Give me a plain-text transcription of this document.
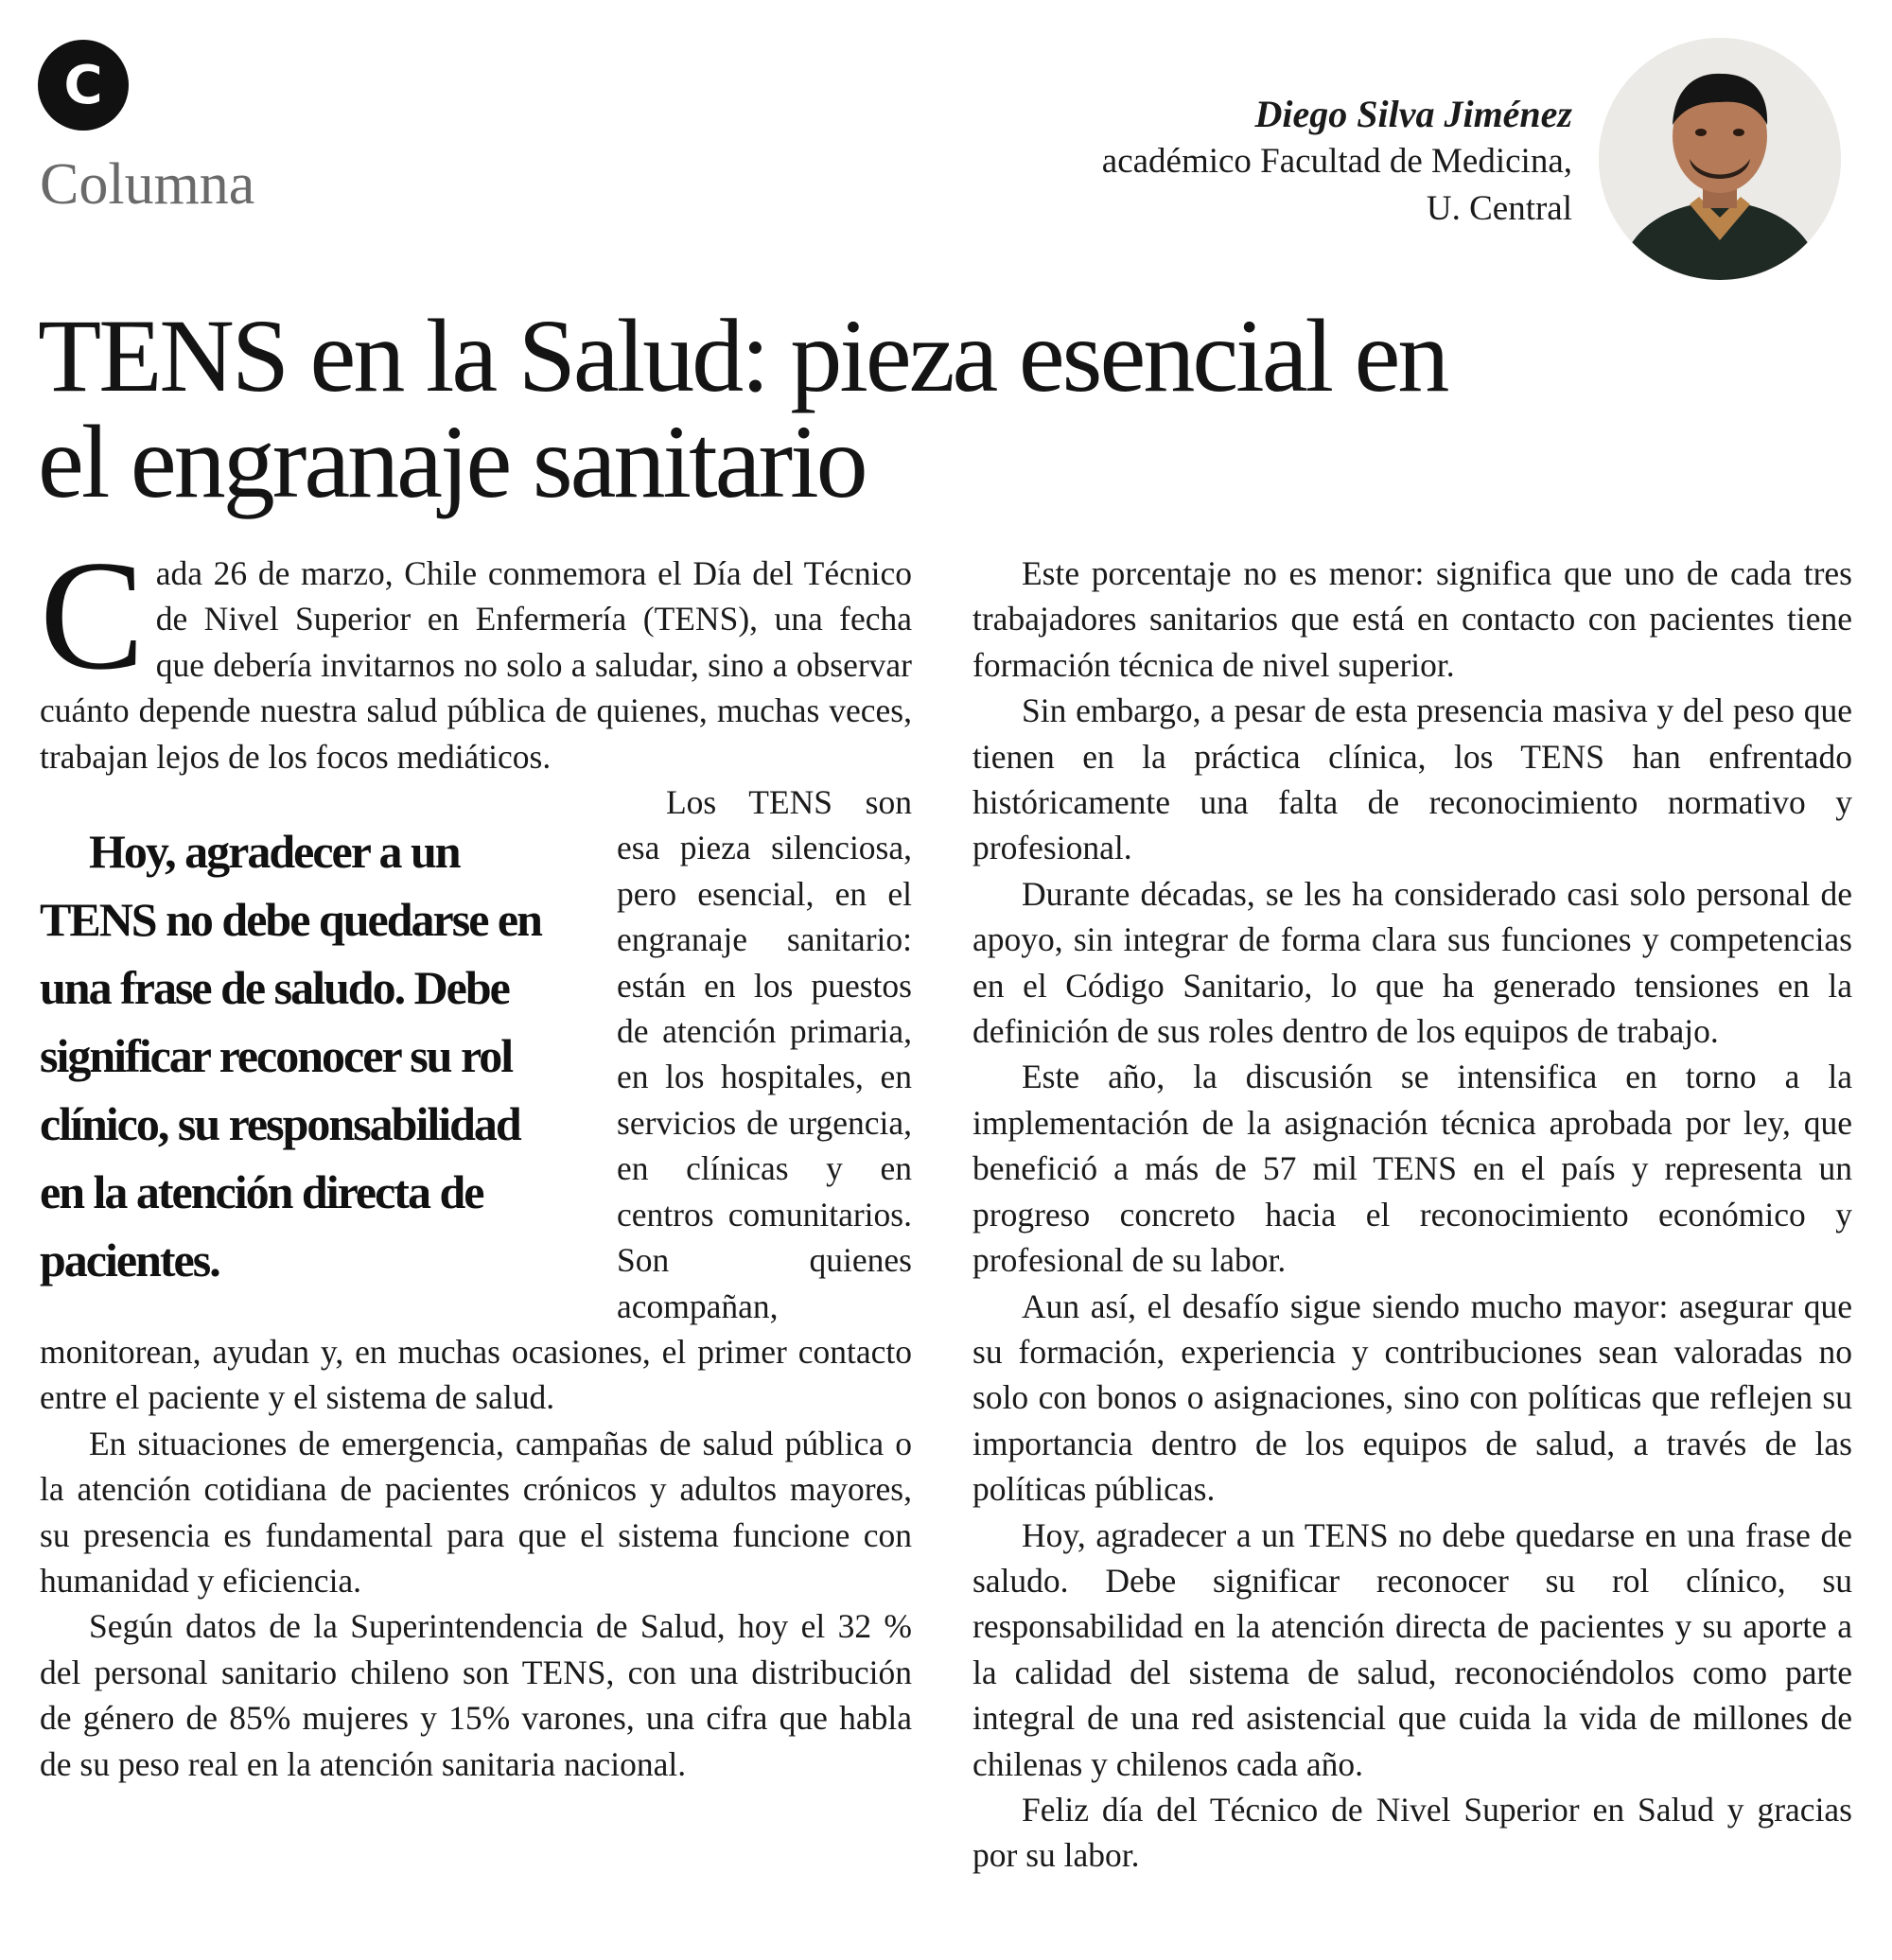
C
Columna
Diego Silva Jiménez
académico Facultad de Medicina,
U. Central
TENS en la Salud: pieza esencial en el engranaje sanitario

Cada 26 de marzo, Chile conmemora el Día del Técnico de Nivel Superior en Enfermería (TENS), una fecha que debería invitarnos no solo a saludar, sino a observar cuánto depende nuestra salud pública de quienes, muchas veces, trabajan lejos de los focos mediáticos.

Hoy, agradecer a un TENS no debe quedarse en una frase de saludo. Debe significar reconocer su rol clínico, su responsabilidad en la atención directa de pacientes.
Los TENS son esa pieza silenciosa, pero esencial, en el engranaje sanitario: están en los puestos de atención primaria, en los hospitales, en servicios de urgencia, en clínicas y en centros comunitarios. Son quienes acompañan, monitorean, ayudan y, en muchas ocasiones, el primer contacto entre el paciente y el sistema de salud.

En situaciones de emergencia, campañas de salud pública o la atención cotidiana de pacientes crónicos y adultos mayores, su presencia es fundamental para que el sistema funcione con humanidad y eficiencia.

Según datos de la Superintendencia de Salud, hoy el 32 % del personal sanitario chileno son TENS, con una distribución de género de 85% mujeres y 15% varones, una cifra que habla de su peso real en la atención sanitaria nacional.

Este porcentaje no es menor: significa que uno de cada tres trabajadores sanitarios que está en contacto con pacientes tiene formación técnica de nivel superior.

Sin embargo, a pesar de esta presencia masiva y del peso que tienen en la práctica clínica, los TENS han enfrentado históricamente una falta de reconocimiento normativo y profesional.

Durante décadas, se les ha considerado casi solo personal de apoyo, sin integrar de forma clara sus funciones y competencias en el Código Sanitario, lo que ha generado tensiones en la definición de sus roles dentro de los equipos de trabajo.

Este año, la discusión se intensifica en torno a la implementación de la asignación técnica aprobada por ley, que benefició a más de 57 mil TENS en el país y representa un progreso concreto hacia el reconocimiento económico y profesional de su labor.

Aun así, el desafío sigue siendo mucho mayor: asegurar que su formación, experiencia y contribuciones sean valoradas no solo con bonos o asignaciones, sino con políticas que reflejen su importancia dentro de los equipos de salud, a través de las políticas públicas.

Hoy, agradecer a un TENS no debe quedarse en una frase de saludo. Debe significar reconocer su rol clínico, su responsabilidad en la atención directa de pacientes y su aporte a la calidad del sistema de salud, reconociéndolos como parte integral de una red asistencial que cuida la vida de millones de chilenas y chilenos cada año.

Feliz día del Técnico de Nivel Superior en Salud y gracias por su labor.
